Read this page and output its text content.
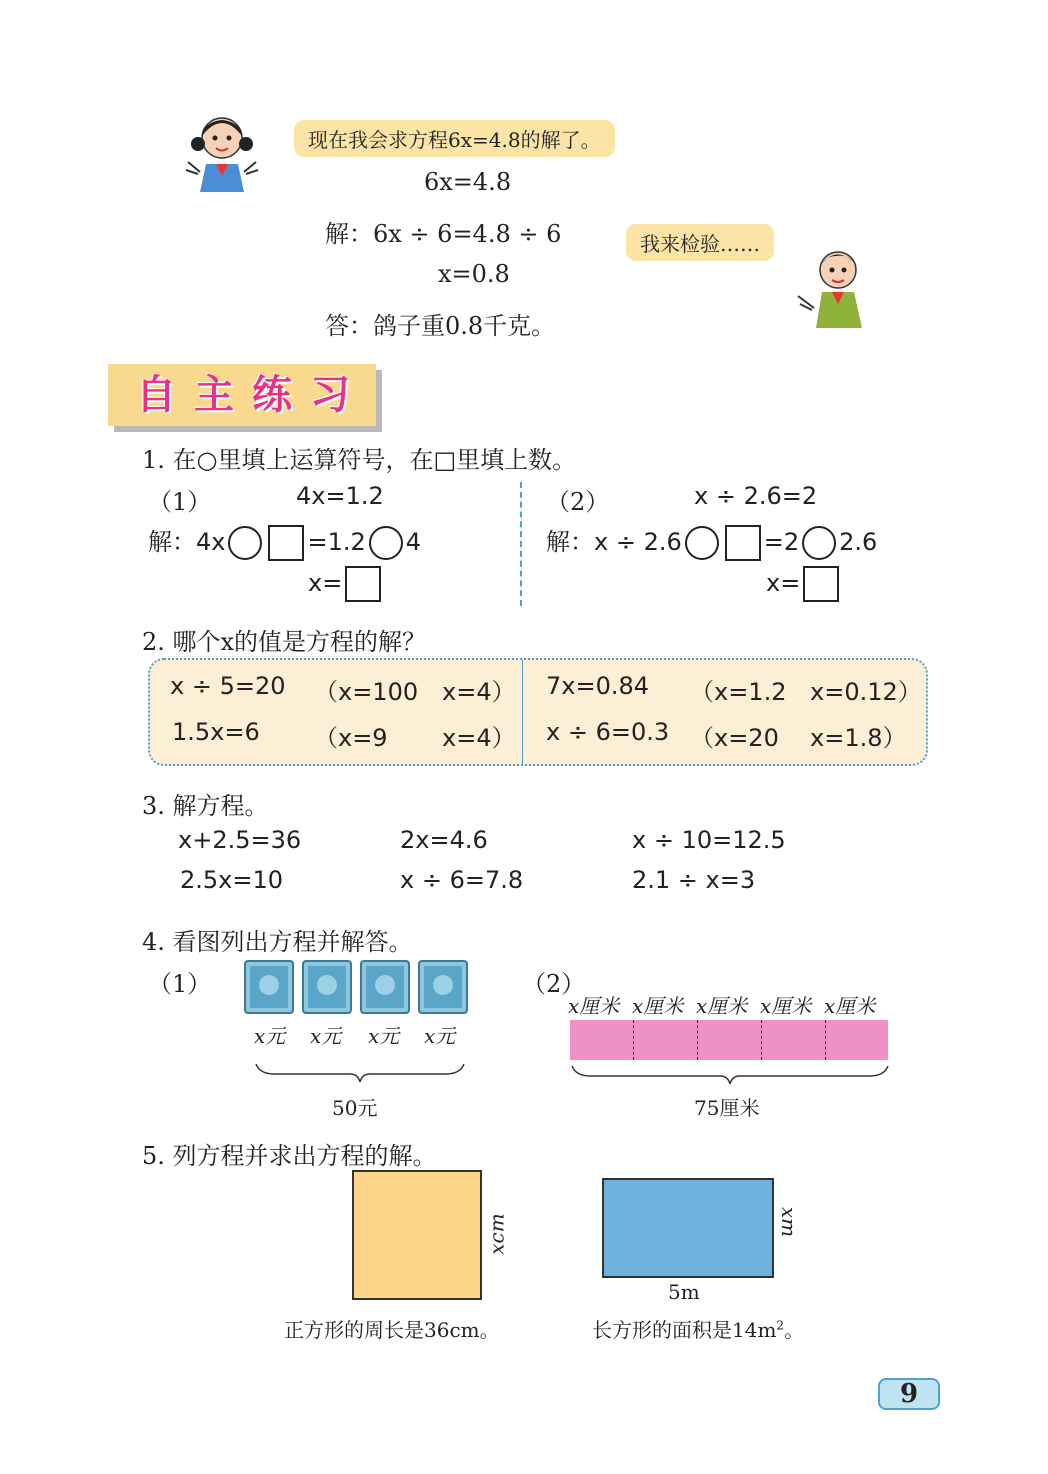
现在我会求方程6x=4.8的解了。
6x=4.8
解：6x ÷ 6=4.8 ÷ 6
x=0.8
答：鸽子重0.8千克。
我来检验……
自主练习
1. 在○里填上运算符号，在□里填上数。
（1）	4x=1.2
解：4x	=1.2 4
x=
（2）	x ÷ 2.6=2
解：x ÷ 2.6	=2 2.6
x=
2. 哪个x的值是方程的解？
x ÷ 5=20 （x=100 x=4） 7x=0.84 （x=1.2 x=0.12）
1.5x=6 （x=9 x=4） x ÷ 6=0.3 （x=20 x=1.8）
3. 解方程。
x+2.5=36	2x=4.6	x ÷ 10=12.5
2.5x=10	x ÷ 6=7.8	2.1 ÷ x=3
4. 看图列出方程并解答。
（1）
x元 x元 x元 x元
50元
（2）
x厘米 x厘米 x厘米 x厘米 x厘米
75厘米
5. 列方程并求出方程的解。
xcm
正方形的周长是36cm。
xm
5m
长方形的面积是$14m^2$。
9
